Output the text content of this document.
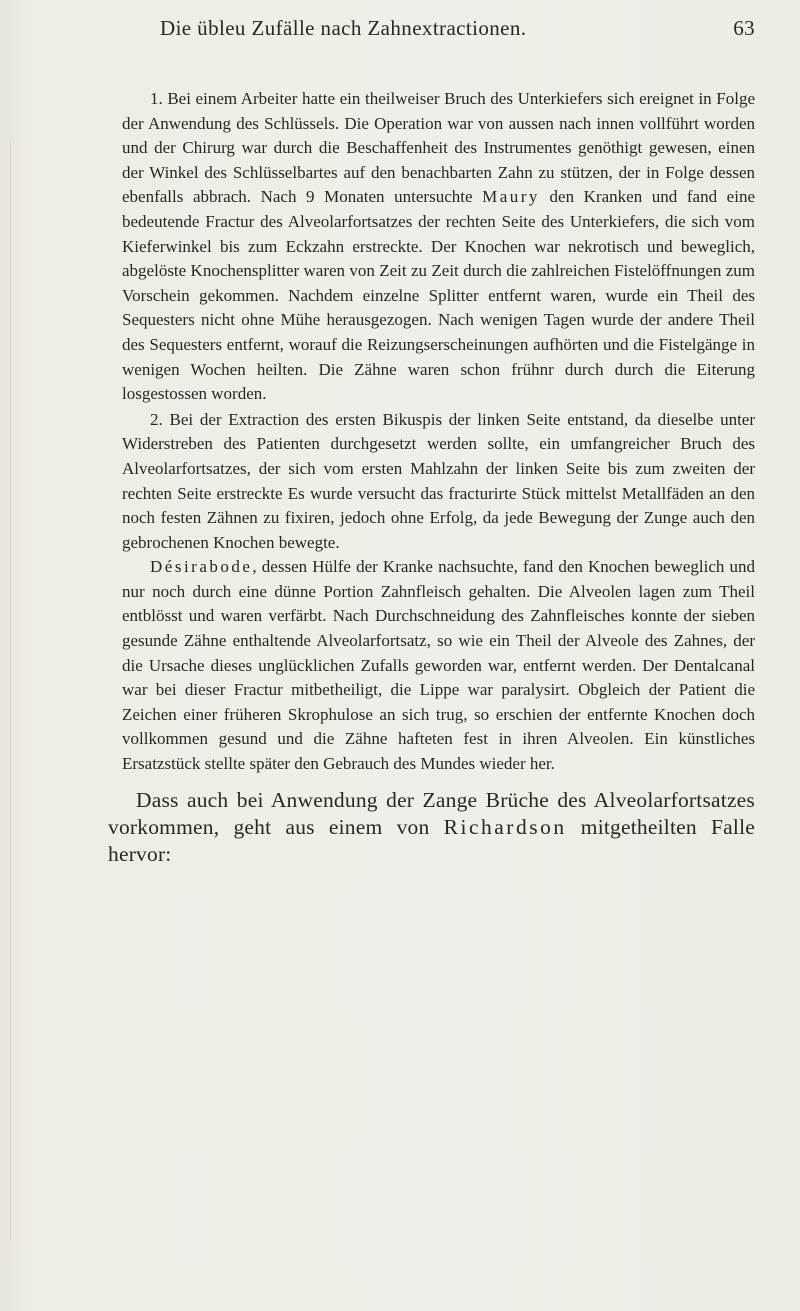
Die übleu Zufälle nach Zahnextractionen.	63

1. Bei einem Arbeiter hatte ein theilweiser Bruch des Unterkiefers sich ereignet in Folge der Anwendung des Schlüssels. Die Operation war von aussen nach innen vollführt worden und der Chirurg war durch die Beschaffenheit des Instrumentes genöthigt gewesen, einen der Winkel des Schlüsselbartes auf den benachbarten Zahn zu stützen, der in Folge dessen ebenfalls abbrach. Nach 9 Monaten untersuchte Maury den Kranken und fand eine bedeutende Fractur des Alveolarfortsatzes der rechten Seite des Unterkiefers, die sich vom Kieferwinkel bis zum Eckzahn erstreckte. Der Knochen war nekrotisch und beweglich, abgelöste Knochensplitter waren von Zeit zu Zeit durch die zahlreichen Fistelöffnungen zum Vorschein gekommen. Nachdem einzelne Splitter entfernt waren, wurde ein Theil des Sequesters nicht ohne Mühe herausgezogen. Nach wenigen Tagen wurde der andere Theil des Sequesters entfernt, worauf die Reizungserscheinungen aufhörten und die Fistelgänge in wenigen Wochen heilten. Die Zähne waren schon frühnr durch durch die Eiterung losgestossen worden.

2. Bei der Extraction des ersten Bikuspis der linken Seite entstand, da dieselbe unter Widerstreben des Patienten durchgesetzt werden sollte, ein umfangreicher Bruch des Alveolarfortsatzes, der sich vom ersten Mahlzahn der linken Seite bis zum zweiten der rechten Seite erstreckte Es wurde versucht das fracturirte Stück mittelst Metallfäden an den noch festen Zähnen zu fixiren, jedoch ohne Erfolg, da jede Bewegung der Zunge auch den gebrochenen Knochen bewegte.

Désirabode, dessen Hülfe der Kranke nachsuchte, fand den Knochen beweglich und nur noch durch eine dünne Portion Zahnfleisch gehalten. Die Alveolen lagen zum Theil entblösst und waren verfärbt. Nach Durchschneidung des Zahnfleisches konnte der sieben gesunde Zähne enthaltende Alveolarfortsatz, so wie ein Theil der Alveole des Zahnes, der die Ursache dieses unglücklichen Zufalls geworden war, entfernt werden. Der Dentalcanal war bei dieser Fractur mitbetheiligt, die Lippe war paralysirt. Obgleich der Patient die Zeichen einer früheren Skrophulose an sich trug, so erschien der entfernte Knochen doch vollkommen gesund und die Zähne hafteten fest in ihren Alveolen. Ein künstliches Ersatzstück stellte später den Gebrauch des Mundes wieder her.

Dass auch bei Anwendung der Zange Brüche des Alveolarfortsatzes vorkommen, geht aus einem von Richardson mitgetheilten Falle hervor:
